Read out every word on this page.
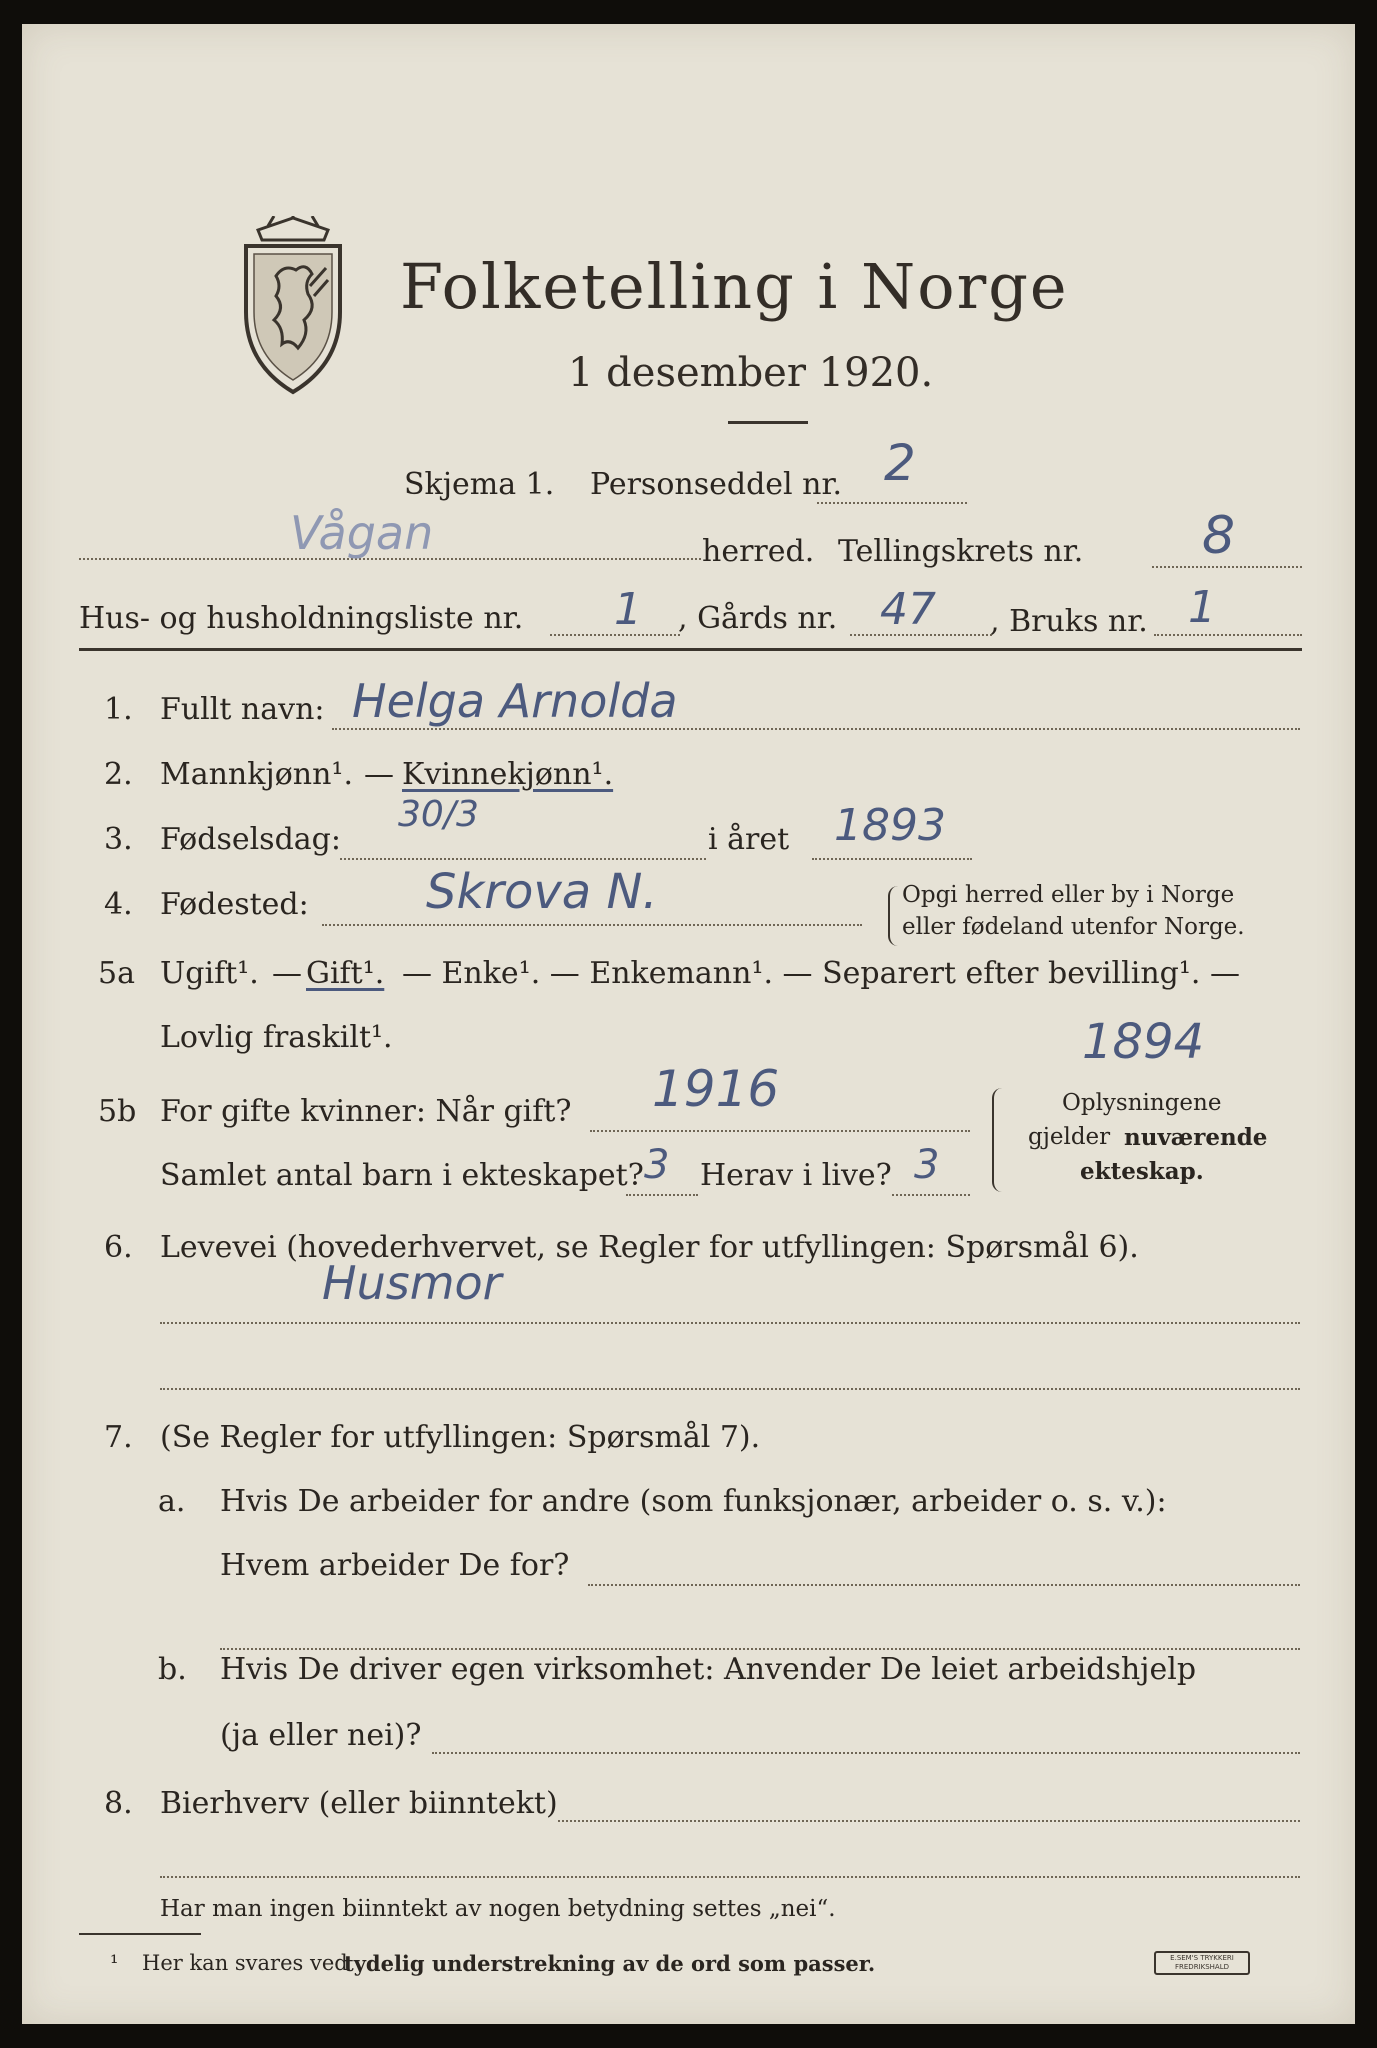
Folketelling i Norge
1 desember 1920.
Skjema 1. Personseddel nr. 2
Vågan	herred. Tellingskrets nr. 8
Hus- og husholdningsliste nr. 1 , Gårds nr. 47 , Bruks nr. 1
1. Fullt navn: Helga Arnolda
2. Mannkjønn¹. — Kvinnekjønn¹.
3. Fødselsdag:
30/3
i året 1893
4. Fødested: Skrova N.	Opgi herred eller by i Norge
eller fødeland utenfor Norge.
5a Ugift¹. — Gift¹. — Enke¹. — Enkemann¹. — Separert efter bevilling¹. —
Lovlig fraskilt¹.
5b For gifte kvinner: Når gift? 1916
1894
Samlet antal barn i ekteskapet? 3 Herav i live? 3
Oplysningene
gjelder nuværende
ekteskap.
6. Levevei (hovederhvervet, se Regler for utfyllingen: Spørsmål 6).
Husmor
7. (Se Regler for utfyllingen: Spørsmål 7).
a. Hvis De arbeider for andre (som funksjonær, arbeider o. s. v.):
Hvem arbeider De for?
b. Hvis De driver egen virksomhet: Anvender De leiet arbeidshjelp
(ja eller nei)?
8. Bierhverv (eller biinntekt)
Har man ingen biinntekt av nogen betydning settes „nei“.
¹ Her kan svares ved
tydelig understrekning av de ord som passer.	E.SEM'S TRYKKERI
FREDRIKSHALD
